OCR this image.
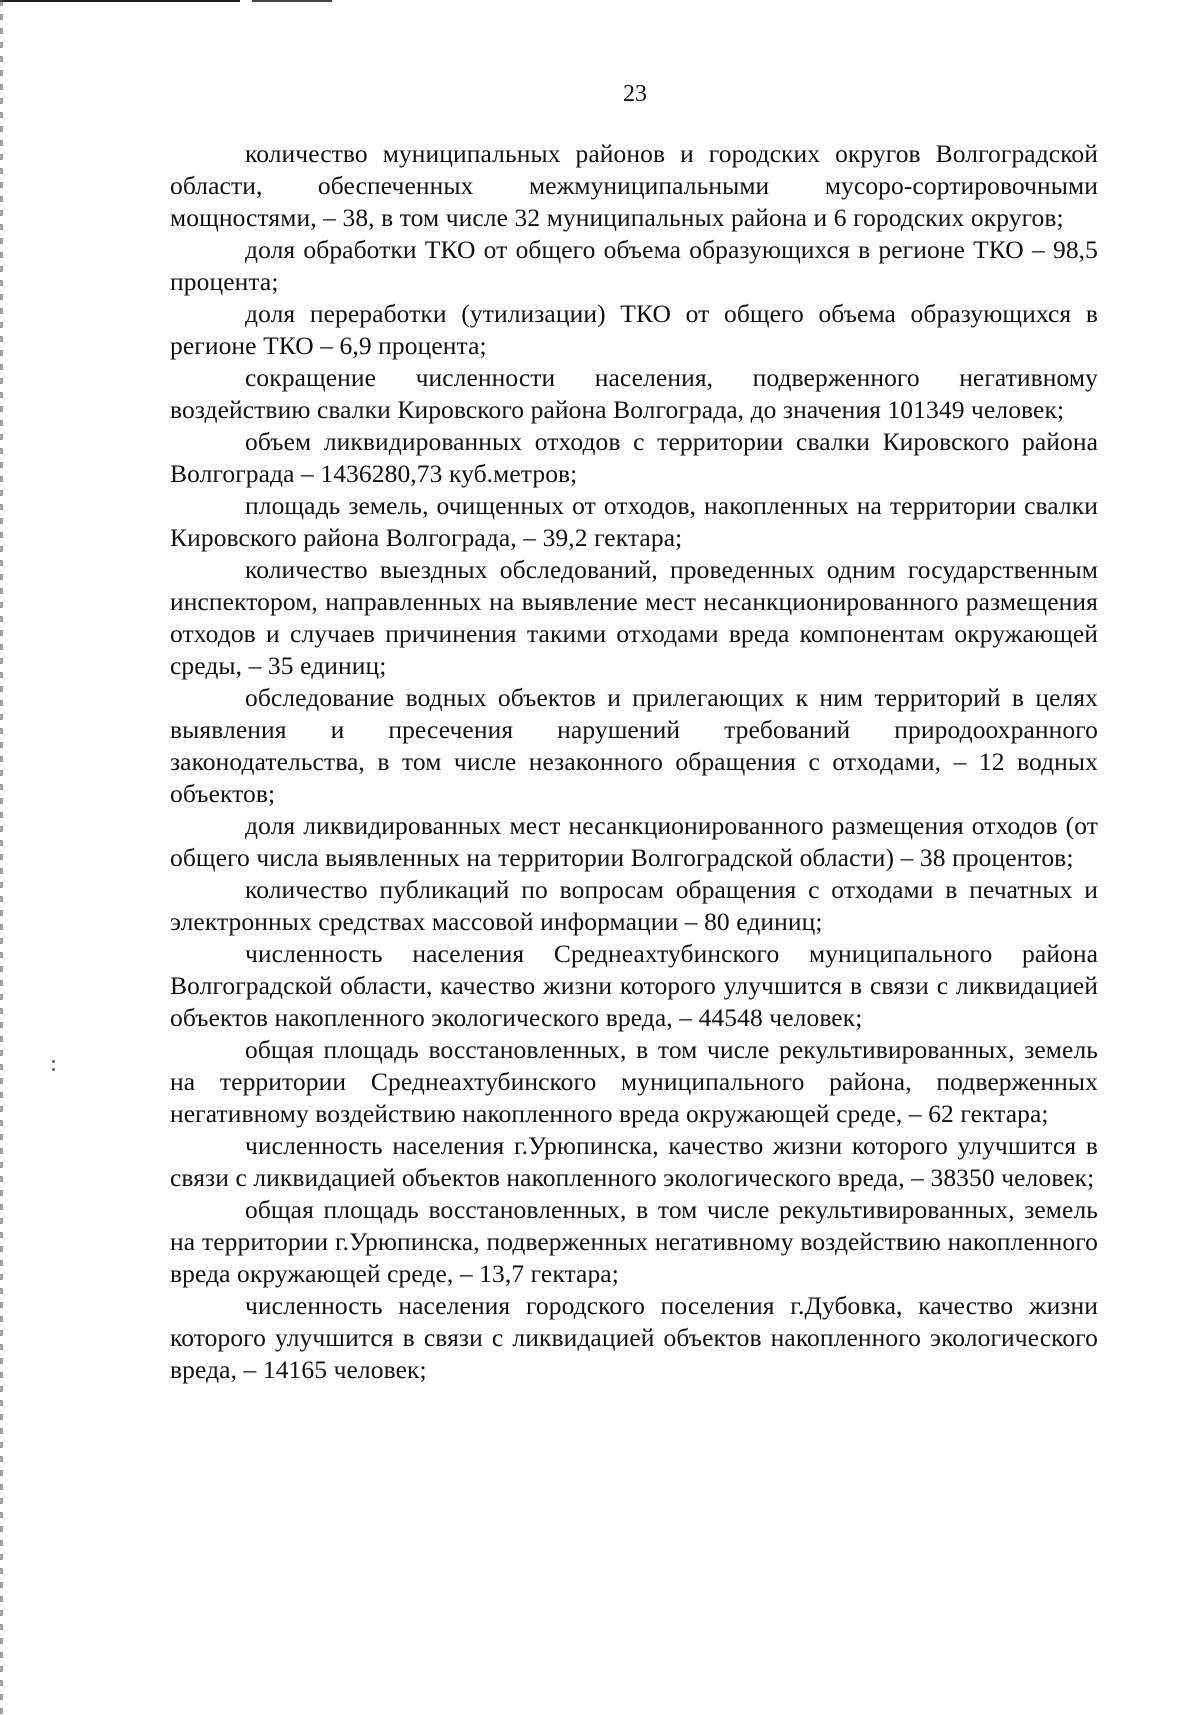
23

количество муниципальных районов и городских округов Волгоградской области, обеспеченных межмуниципальными мусоро-сортировочными мощностями, – 38, в том числе 32 муниципальных района и 6 городских округов;

доля обработки ТКО от общего объема образующихся в регионе ТКО – 98,5 процента;

доля переработки (утилизации) ТКО от общего объема образующихся в регионе ТКО – 6,9 процента;

сокращение численности населения, подверженного негативному воздействию свалки Кировского района Волгограда, до значения 101349 человек;

объем ликвидированных отходов с территории свалки Кировского района Волгограда – 1436280,73 куб.метров;

площадь земель, очищенных от отходов, накопленных на территории свалки Кировского района Волгограда, – 39,2 гектара;

количество выездных обследований, проведенных одним государственным инспектором, направленных на выявление мест несанкционированного размещения отходов и случаев причинения такими отходами вреда компонентам окружающей среды, – 35 единиц;

обследование водных объектов и прилегающих к ним территорий в целях выявления и пресечения нарушений требований природоохранного законодательства, в том числе незаконного обращения с отходами, – 12 водных объектов;

доля ликвидированных мест несанкционированного размещения отходов (от общего числа выявленных на территории Волгоградской области) – 38 процентов;

количество публикаций по вопросам обращения с отходами в печатных и электронных средствах массовой информации – 80 единиц;

численность населения Среднеахтубинского муниципального района Волгоградской области, качество жизни которого улучшится в связи с ликвидацией объектов накопленного экологического вреда, – 44548 человек;

общая площадь восстановленных, в том числе рекультивированных, земель на территории Среднеахтубинского муниципального района, подверженных негативному воздействию накопленного вреда окружающей среде, – 62 гектара;

численность населения г.Урюпинска, качество жизни которого улучшится в связи с ликвидацией объектов накопленного экологического вреда, – 38350 человек;

общая площадь восстановленных, в том числе рекультивированных, земель на территории г.Урюпинска, подверженных негативному воздействию накопленного вреда окружающей среде, – 13,7 гектара;

численность населения городского поселения г.Дубовка, качество жизни которого улучшится в связи с ликвидацией объектов накопленного экологического вреда, – 14165 человек;
